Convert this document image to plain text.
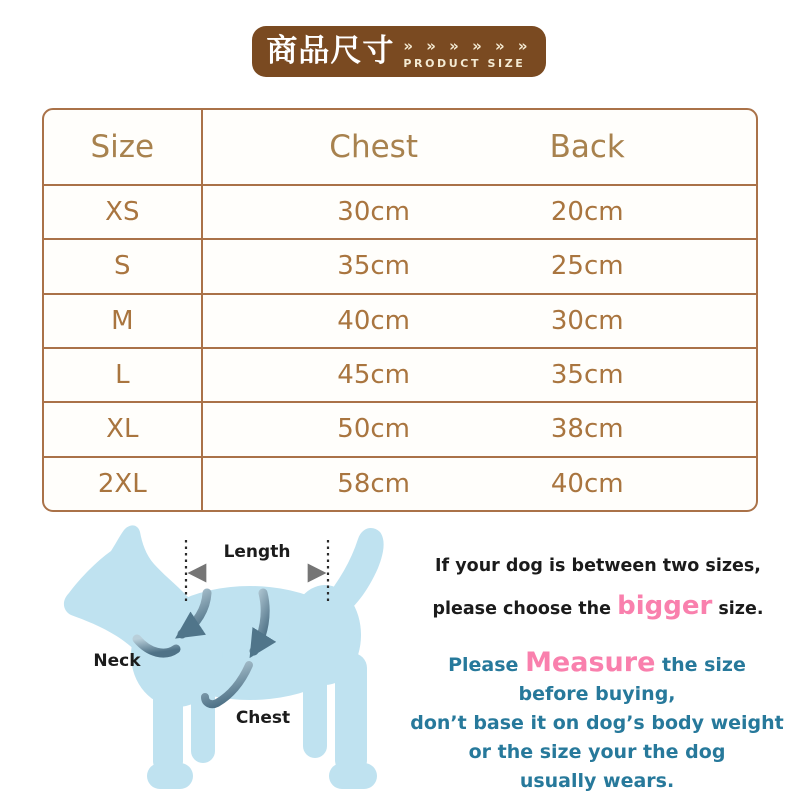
商品尺寸 » » » » » »
PRODUCT SIZE
Size	Chest	Back
XS	30cm	20cm
S	35cm	25cm
M	40cm	30cm
L	45cm	35cm
XL	50cm	38cm
2XL	58cm	40cm
Length
Neck
Chest
If your dog is between two sizes,
please choose the bigger size.
Please Measure the size
before buying,
don’t base it on dog’s body weight
or the size your the dog
usually wears.
